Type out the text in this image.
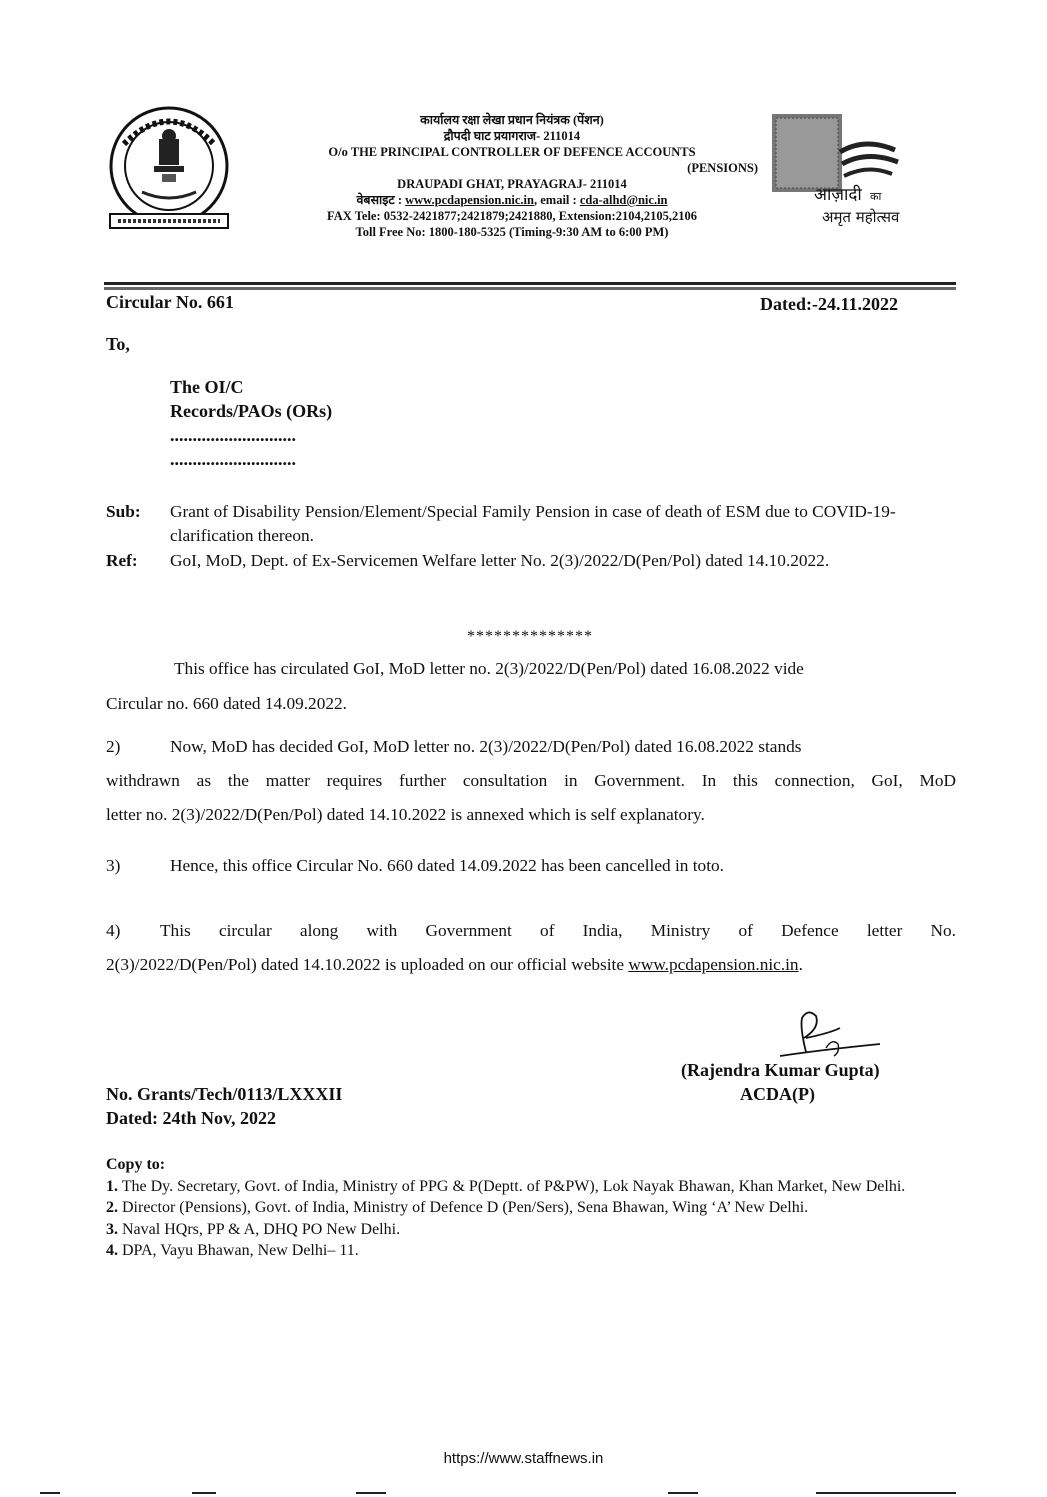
कार्यालय रक्षा लेखा प्रधान नियंत्रक (पेंशन)
द्रौपदी घाट प्रयागराज- 211014
O/o THE PRINCIPAL CONTROLLER OF DEFENCE ACCOUNTS
(PENSIONS)
DRAUPADI GHAT, PRAYAGRAJ- 211014
वेबसाइट : www.pcdapension.nic.in, email : cda-alhd@nic.in
FAX Tele: 0532-2421877;2421879;2421880, Extension:2104,2105,2106
Toll Free No: 1800-180-5325 (Timing-9:30 AM to 6:00 PM)
आज़ादी का
अमृत महोत्सव
Circular No. 661	Dated:-24.11.2022
To,
The OI/C
Records/PAOs (ORs)
............................
............................
Sub: Grant of Disability Pension/Element/Special Family Pension in case of death of ESM due to COVID-19-clarification thereon.
Ref: GoI, MoD, Dept. of Ex-Servicemen Welfare letter No. 2(3)/2022/D(Pen/Pol) dated 14.10.2022.
**************
This office has circulated GoI, MoD letter no. 2(3)/2022/D(Pen/Pol) dated 16.08.2022 vide
Circular no. 660 dated 14.09.2022.
2)	Now, MoD has decided GoI, MoD letter no. 2(3)/2022/D(Pen/Pol) dated 16.08.2022 stands
withdrawn as the matter requires further consultation in Government. In this connection, GoI, MoD
letter no. 2(3)/2022/D(Pen/Pol) dated 14.10.2022 is annexed which is self explanatory.
3)	Hence, this office Circular No. 660 dated 14.09.2022 has been cancelled in toto.
4) This circular along with Government of India, Ministry of Defence letter No.
2(3)/2022/D(Pen/Pol) dated 14.10.2022 is uploaded on our official website www.pcdapension.nic.in.
(Rajendra Kumar Gupta)
ACDA(P)
No. Grants/Tech/0113/LXXXII
Dated: 24th Nov, 2022
Copy to:
1. The Dy. Secretary, Govt. of India, Ministry of PPG & P(Deptt. of P&PW), Lok Nayak Bhawan, Khan Market, New Delhi.
2. Director (Pensions), Govt. of India, Ministry of Defence D (Pen/Sers), Sena Bhawan, Wing ‘A’ New Delhi.
3. Naval HQrs, PP & A, DHQ PO New Delhi.
4. DPA, Vayu Bhawan, New Delhi– 11.
https://www.staffnews.in
